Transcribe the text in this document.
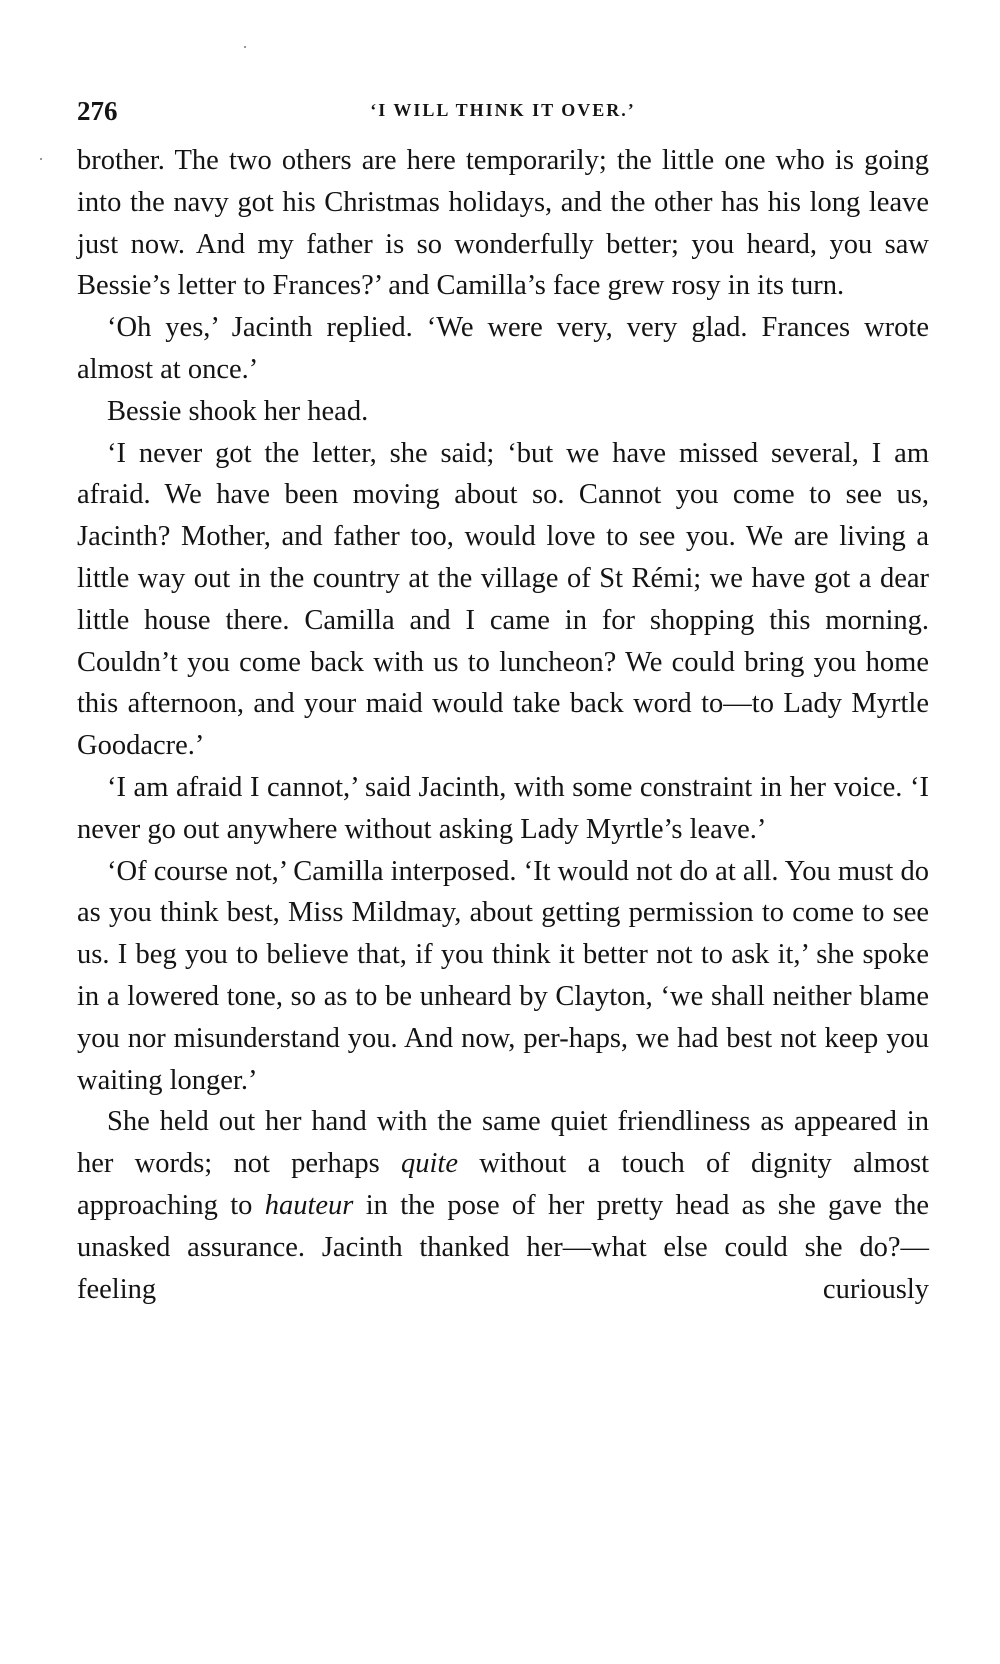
276	‘I WILL THINK IT OVER.’

brother. The two others are here temporarily; the little one who is going into the navy got his Christmas holidays, and the other has his long leave just now. And my father is so wonderfully better; you heard, you saw Bessie’s letter to Frances?’ and Camilla’s face grew rosy in its turn.

‘Oh yes,’ Jacinth replied. ‘We were very, very glad. Frances wrote almost at once.’

Bessie shook her head.

‘I never got the letter, she said; ‘but we have missed several, I am afraid. We have been moving about so. Cannot you come to see us, Jacinth? Mother, and father too, would love to see you. We are living a little way out in the country at the village of St Rémi; we have got a dear little house there. Camilla and I came in for shopping this morning. Couldn’t you come back with us to luncheon? We could bring you home this afternoon, and your maid would take back word to—to Lady Myrtle Goodacre.’

‘I am afraid I cannot,’ said Jacinth, with some constraint in her voice. ‘I never go out anywhere without asking Lady Myrtle’s leave.’

‘Of course not,’ Camilla interposed. ‘It would not do at all. You must do as you think best, Miss Mildmay, about getting permission to come to see us. I beg you to believe that, if you think it better not to ask it,’ she spoke in a lowered tone, so as to be unheard by Clayton, ‘we shall neither blame you nor misunderstand you. And now, per-haps, we had best not keep you waiting longer.’

She held out her hand with the same quiet friendliness as appeared in her words; not perhaps quite without a touch of dignity almost approaching to hauteur in the pose of her pretty head as she gave the unasked assurance. Jacinth thanked her—what else could she do?—feeling curiously
